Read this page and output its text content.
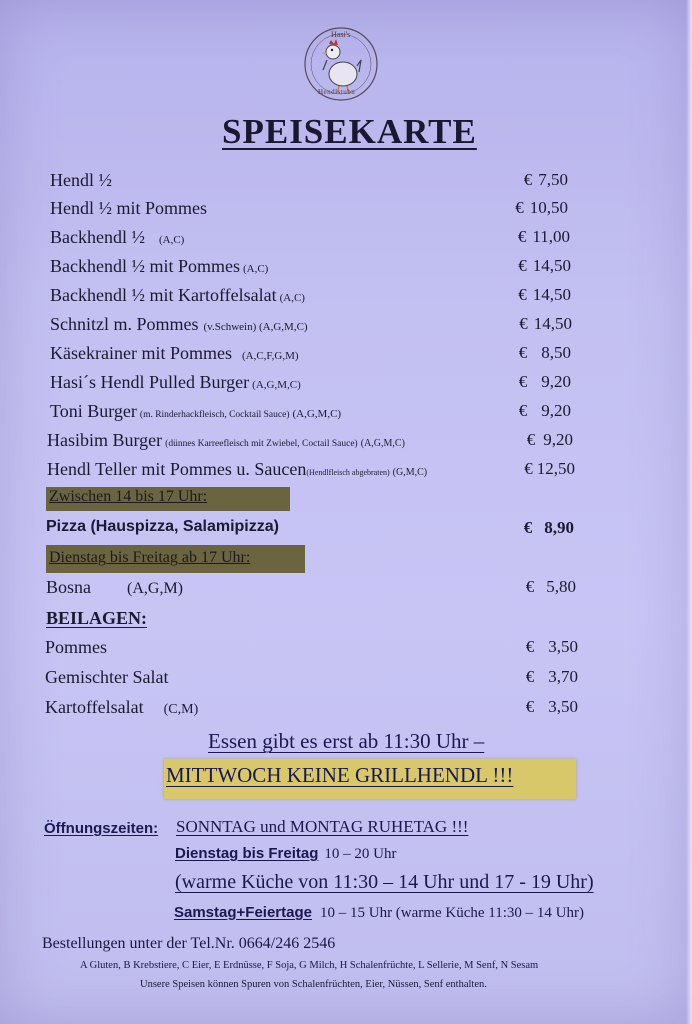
Hasi's
Hendlstubn
SPEISEKARTE
Hendl ½	€ 7,50
Hendl ½ mit Pommes	€ 10,50
Backhendl ½ (A,C)	€ 11,00
Backhendl ½ mit Pommes (A,C)	€ 14,50
Backhendl ½ mit Kartoffelsalat (A,C)	€ 14,50
Schnitzl m. Pommes (v.Schwein) (A,G,M,C)	€ 14,50
Käsekrainer mit Pommes (A,C,F,G,M)	€ 8,50
Hasi´s Hendl Pulled Burger (A,G,M,C)	€ 9,20
Toni Burger (m. Rinderhackfleisch, Cocktail Sauce) (A,G,M,C)	€ 9,20
Hasibim Burger (dünnes Karreefleisch mit Zwiebel, Coctail Sauce) (A,G,M,C)	€ 9,20
Hendl Teller mit Pommes u. Saucen(Hendlfleisch abgebraten) (G,M,C)	€ 12,50
Zwischen 14 bis 17 Uhr:
Pizza (Hauspizza, Salamipizza)	€ 8,90
Dienstag bis Freitag ab 17 Uhr:
Bosna (A,G,M)	€ 5,80
BEILAGEN:
Pommes	€ 3,50
Gemischter Salat	€ 3,70
Kartoffelsalat (C,M)	€ 3,50
Essen gibt es erst ab 11:30 Uhr –
MITTWOCH KEINE GRILLHENDL !!!
Öffnungszeiten: SONNTAG und MONTAG RUHETAG !!!
Dienstag bis Freitag 10 – 20 Uhr
(warme Küche von 11:30 – 14 Uhr und 17 - 19 Uhr)
Samstag+Feiertage 10 – 15 Uhr (warme Küche 11:30 – 14 Uhr)
Bestellungen unter der Tel.Nr. 0664/246 2546
A Gluten, B Krebstiere, C Eier, E Erdnüsse, F Soja, G Milch, H Schalenfrüchte, L Sellerie, M Senf, N Sesam
Unsere Speisen können Spuren von Schalenfrüchten, Eier, Nüssen, Senf enthalten.
